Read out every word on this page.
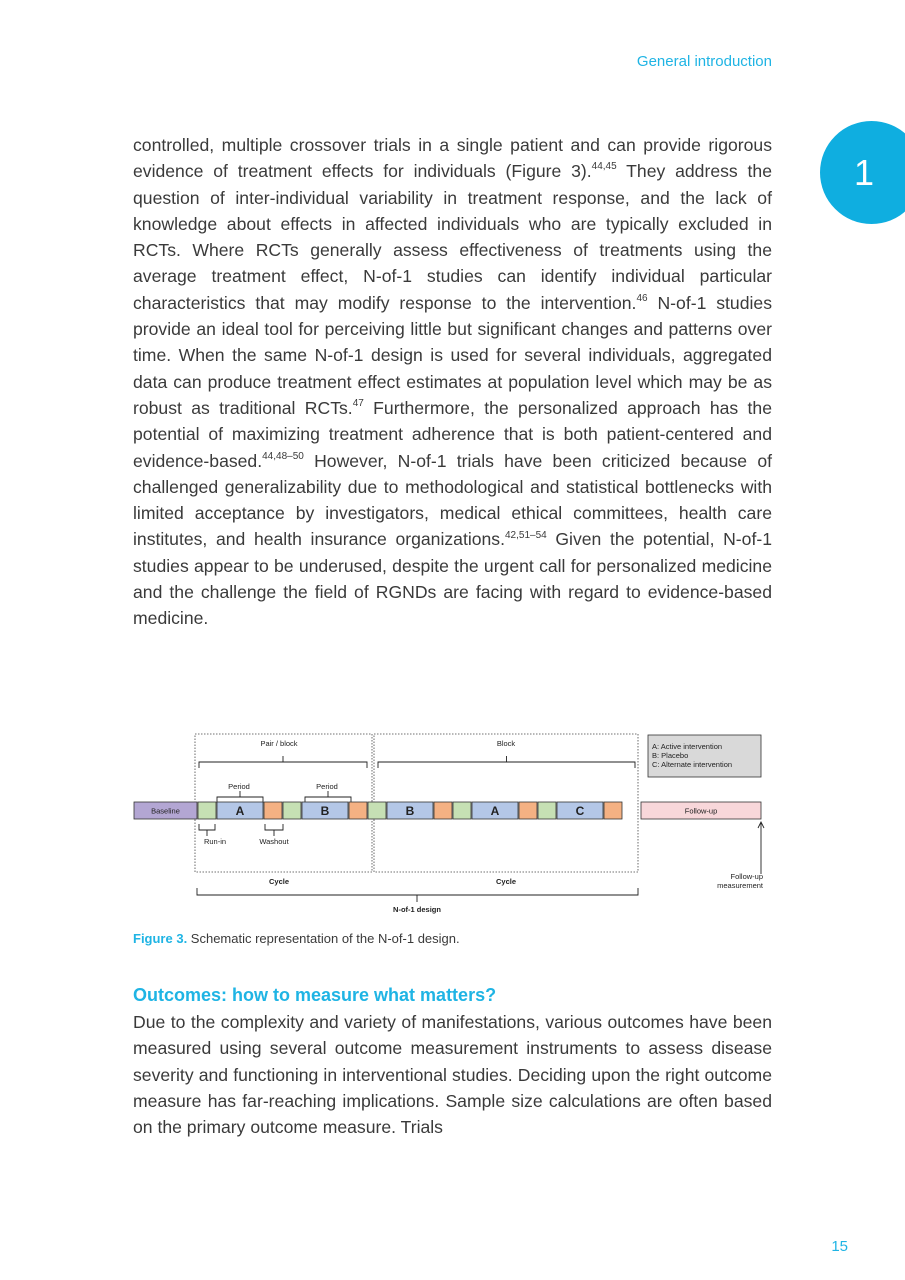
General introduction
1

controlled, multiple crossover trials in a single patient and can provide rigorous evidence of treatment effects for individuals (Figure 3).$^{44,45}$ They address the question of inter-individual variability in treatment response, and the lack of knowledge about effects in affected individuals who are typically excluded in RCTs. Where RCTs generally assess effectiveness of treatments using the average treatment effect, N-of-1 studies can identify individual particular characteristics that may modify response to the intervention.$^{46}$ N-of-1 studies provide an ideal tool for perceiving little but significant changes and patterns over time. When the same N-of-1 design is used for several individuals, aggregated data can produce treatment effect estimates at population level which may be as robust as traditional RCTs.$^{47}$ Furthermore, the personalized approach has the potential of maximizing treatment adherence that is both patient-centered and evidence-based.$^{44,48-50}$ However, N-of-1 trials have been criticized because of challenged generalizability due to methodological and statistical bottlenecks with limited acceptance by investigators, medical ethical committees, health care institutes, and health insurance organizations.$^{42,51-54}$ Given the potential, N-of-1 studies appear to be underused, despite the urgent call for personalized medicine and the challenge the field of RGNDs are facing with regard to evidence-based medicine.

Pair / block	Block
Period	Period
A: Active intervention
B: Placebo
C: Alternate intervention
Baseline	A	B	B	A	C	Follow-up
Run-in	Washout
Follow-up
measurement
Cycle	Cycle
N-of-1 design
Figure 3. Schematic representation of the N-of-1 design.
Outcomes: how to measure what matters?

Due to the complexity and variety of manifestations, various outcomes have been measured using several outcome measurement instruments to assess disease severity and functioning in interventional studies. Deciding upon the right outcome measure has far-reaching implications. Sample size calculations are often based on the primary outcome measure. Trials

15
